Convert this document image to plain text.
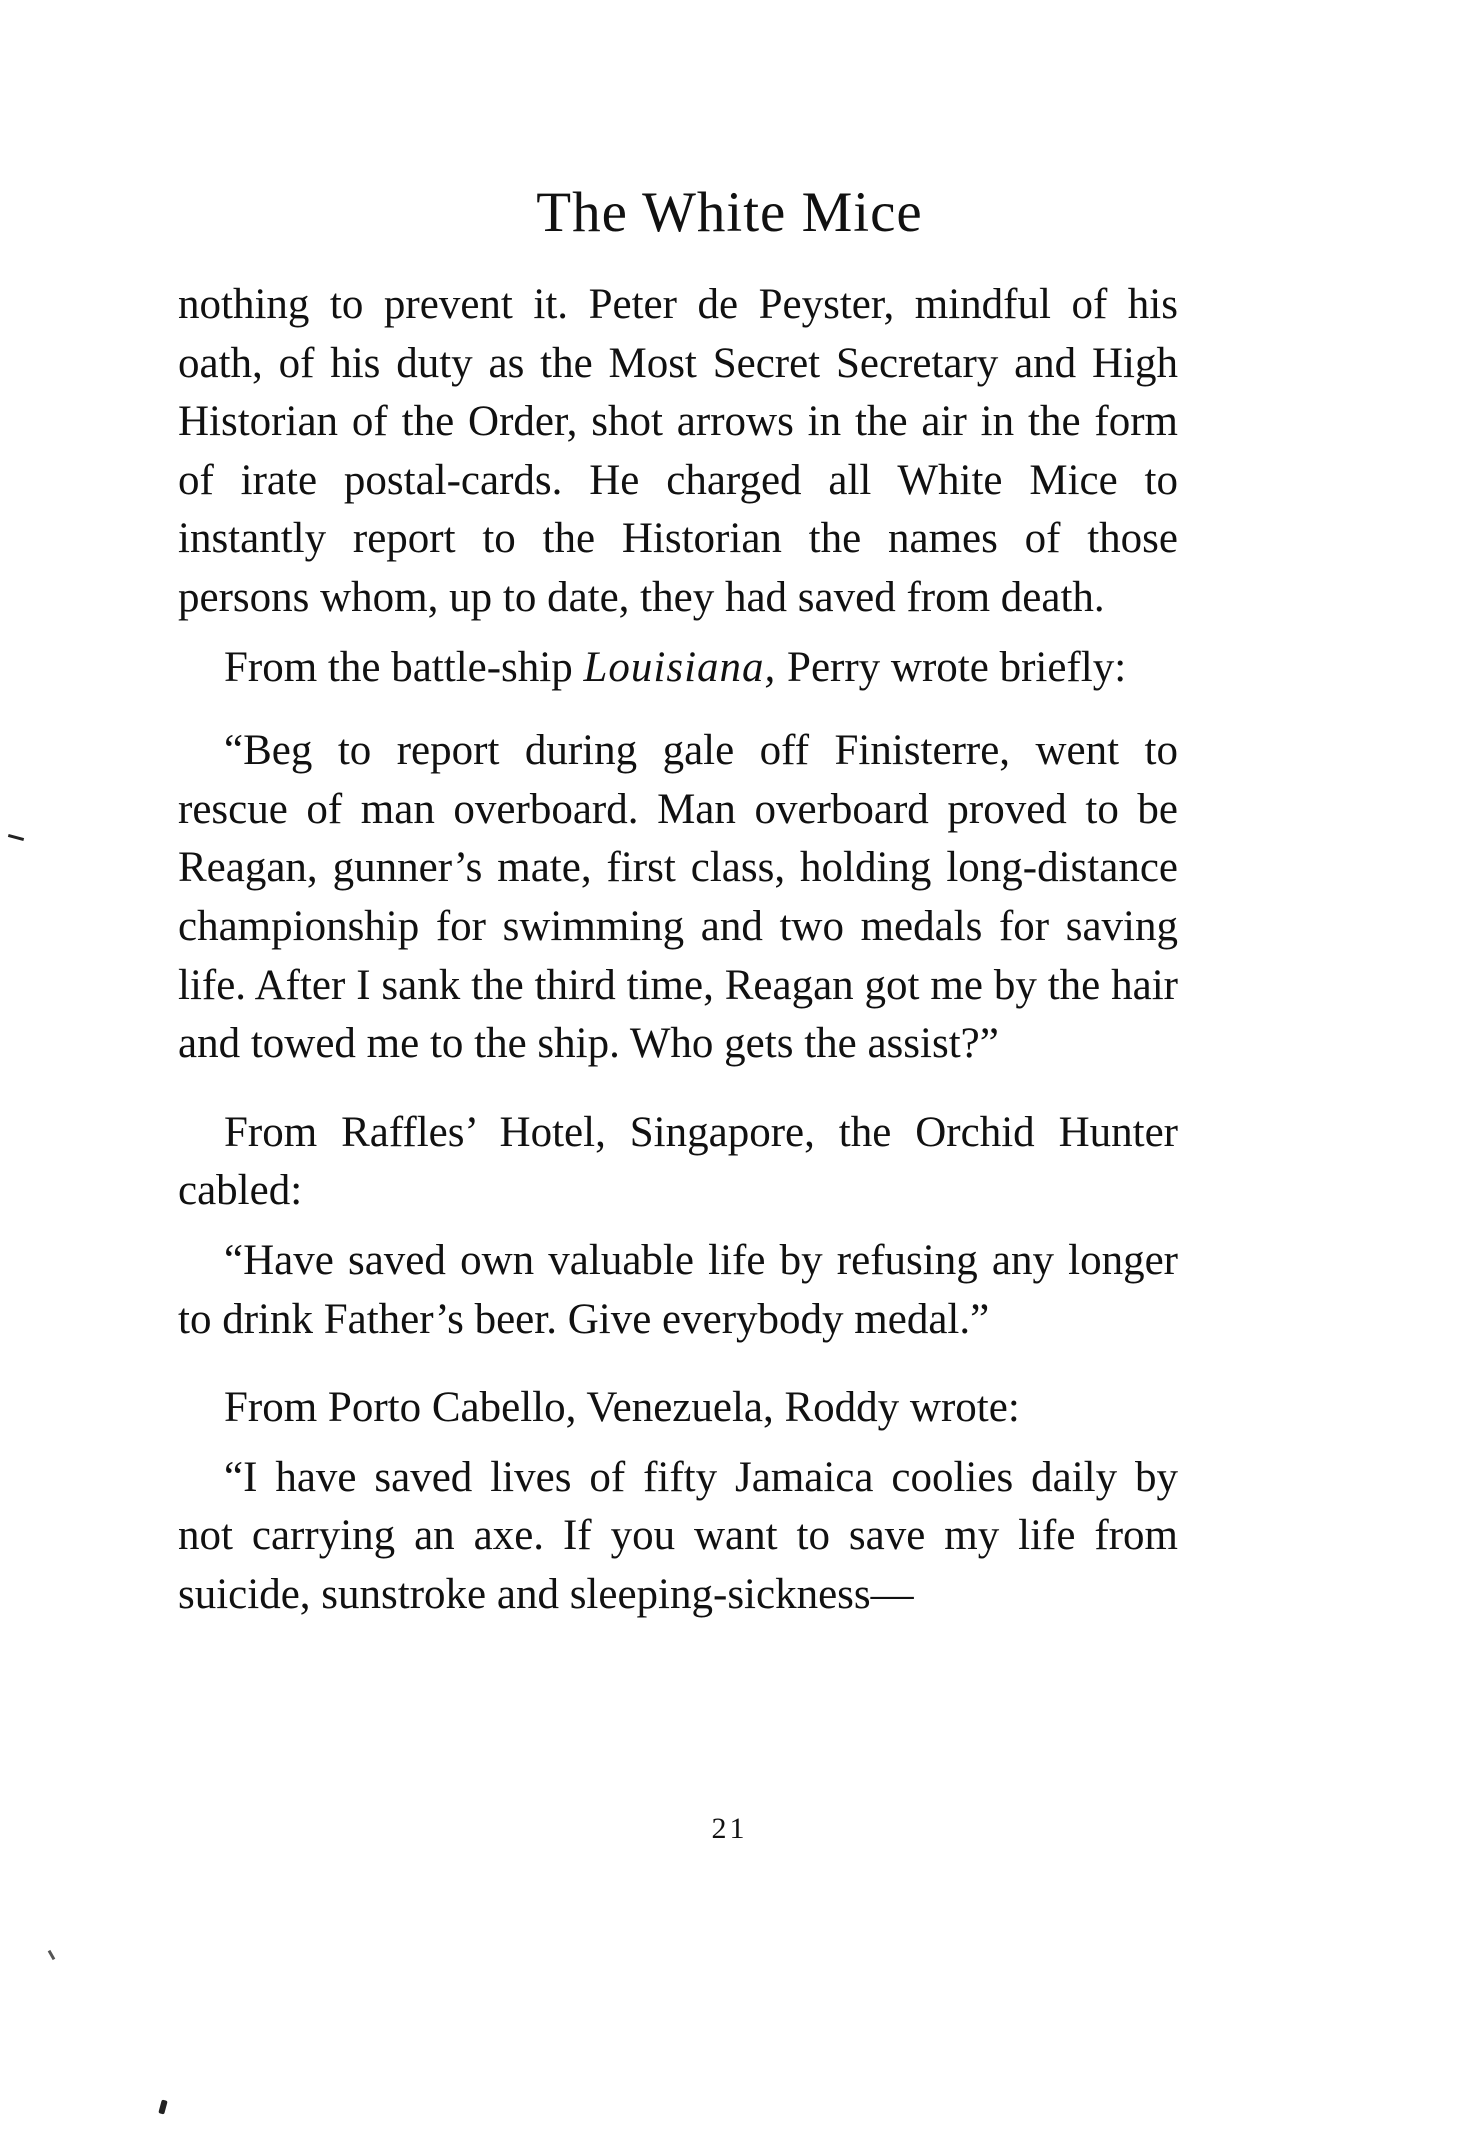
The White Mice

nothing to prevent it. Peter de Peyster, mindful of his oath, of his duty as the Most Secret Secretary and High Historian of the Order, shot arrows in the air in the form of irate postal-cards. He charged all White Mice to instantly report to the Historian the names of those persons whom, up to date, they had saved from death.

From the battle-ship Louisiana, Perry wrote briefly:

“Beg to report during gale off Finisterre, went to rescue of man overboard. Man overboard proved to be Reagan, gunner’s mate, first class, holding long-distance championship for swimming and two medals for saving life. After I sank the third time, Reagan got me by the hair and towed me to the ship. Who gets the assist?”

From Raffles’ Hotel, Singapore, the Orchid Hunter cabled:

“Have saved own valuable life by refusing any longer to drink Father’s beer. Give everybody medal.”

From Porto Cabello, Venezuela, Roddy wrote:

“I have saved lives of fifty Jamaica coolies daily by not carrying an axe. If you want to save my life from suicide, sunstroke and sleeping-sickness—

21
